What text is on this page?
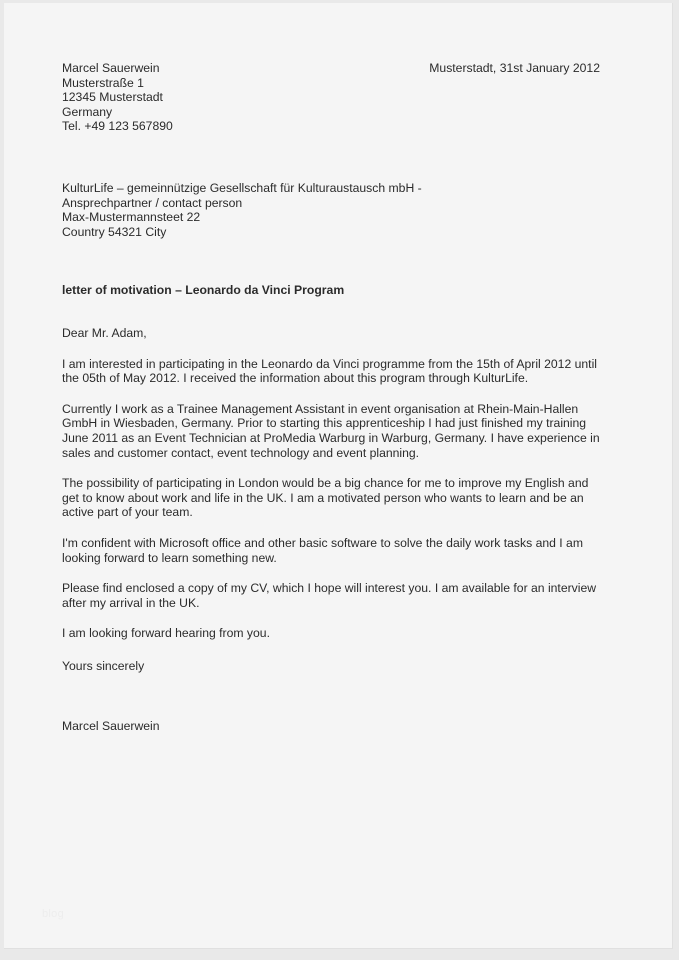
Marcel Sauerwein
Musterstraße 1
12345 Musterstadt
Germany
Tel. +49 123 567890
Musterstadt, 31st January 2012
KulturLife – gemeinnützige Gesellschaft für Kulturaustausch mbH -
Ansprechpartner / contact person
Max-Mustermannsteet 22
Country 54321 City
letter of motivation – Leonardo da Vinci Program
Dear Mr. Adam,
I am interested in participating in the Leonardo da Vinci programme from the 15th of April 2012 until the 05th of May 2012. I received the information about this program through KulturLife.
Currently I work as a Trainee Management Assistant in event organisation at Rhein-Main-Hallen GmbH in Wiesbaden, Germany. Prior to starting this apprenticeship I had just finished my training June 2011 as an Event Technician at ProMedia Warburg in Warburg, Germany. I have experience in sales and customer contact, event technology and event planning.
The possibility of participating in London would be a big chance for me to improve my English and get to know about work and life in the UK. I am a motivated person who wants to learn and be an active part of your team.
I'm confident with Microsoft office and other basic software to solve the daily work tasks and I am looking forward to learn something new.
Please find enclosed a copy of my CV, which I hope will interest you. I am available for an interview after my arrival in the UK.
I am looking forward hearing from you.
Yours sincerely
Marcel Sauerwein
blog
